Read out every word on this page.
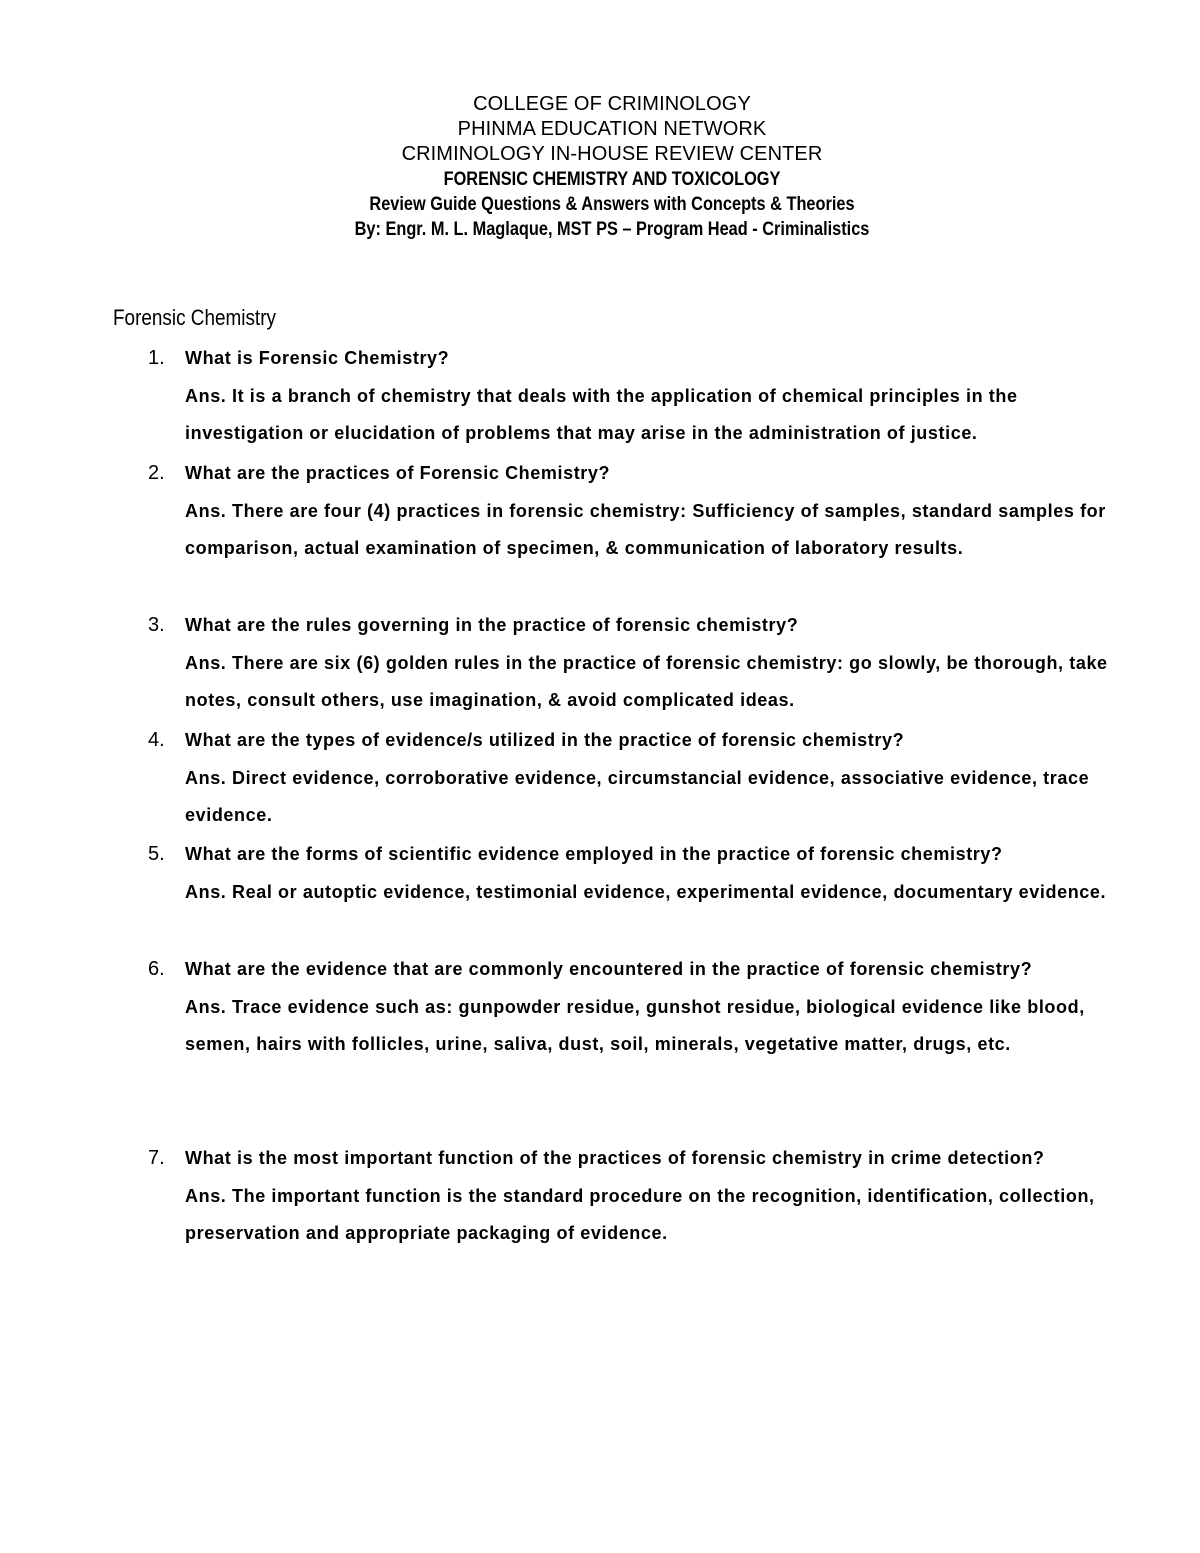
COLLEGE OF CRIMINOLOGY
PHINMA EDUCATION NETWORK
CRIMINOLOGY IN-HOUSE REVIEW CENTER
FORENSIC CHEMISTRY AND TOXICOLOGY
Review Guide Questions & Answers with Concepts & Theories
By: Engr. M. L. Maglaque, MST PS – Program Head - Criminalistics
Forensic Chemistry
1. What is Forensic Chemistry?
Ans. It is a branch of chemistry that deals with the application of chemical principles in the investigation or elucidation of problems that may arise in the administration of justice.
2. What are the practices of Forensic Chemistry?
Ans. There are four (4) practices in forensic chemistry: Sufficiency of samples, standard samples for comparison, actual examination of specimen, & communication of laboratory results.
3. What are the rules governing in the practice of forensic chemistry?
Ans. There are six (6) golden rules in the practice of forensic chemistry: go slowly, be thorough, take notes, consult others, use imagination, & avoid complicated ideas.
4. What are the types of evidence/s utilized in the practice of forensic chemistry?
Ans. Direct evidence, corroborative evidence, circumstancial evidence, associative evidence, trace evidence.
5. What are the forms of scientific evidence employed in the practice of forensic chemistry?
Ans. Real or autoptic evidence, testimonial evidence, experimental evidence, documentary evidence.
6. What are the evidence that are commonly encountered in the practice of forensic chemistry?
Ans. Trace evidence such as: gunpowder residue, gunshot residue, biological evidence like blood, semen, hairs with follicles, urine, saliva, dust, soil, minerals, vegetative matter, drugs, etc.
7. What is the most important function of the practices of forensic chemistry in crime detection?
Ans. The important function is the standard procedure on the recognition, identification, collection, preservation and appropriate packaging of evidence.
